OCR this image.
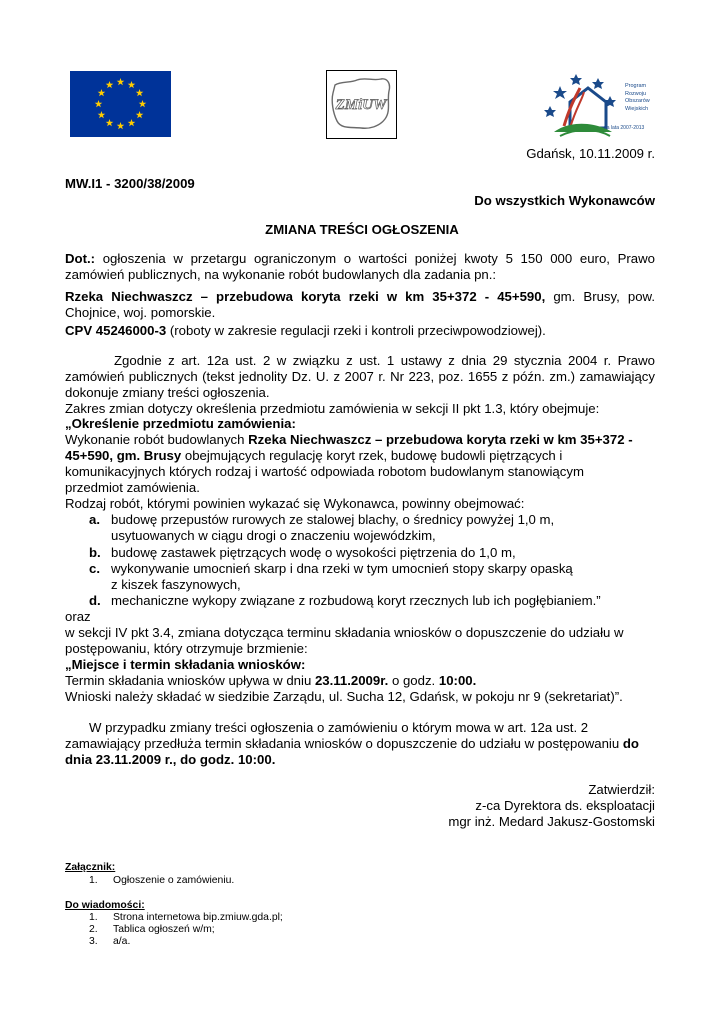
ZMiUW
Program
Rozwoju
Obszarów
Wiejskich
na lata 2007-2013
Gdańsk, 10.11.2009 r.
MW.I1 - 3200/38/2009
Do wszystkich Wykonawców
ZMIANA TREŚCI OGŁOSZENIA
Dot.: ogłoszenia w przetargu ograniczonym o wartości poniżej kwoty 5 150 000 euro, Prawo zamówień publicznych, na wykonanie robót budowlanych dla zadania pn.:
Rzeka Niechwaszcz – przebudowa koryta rzeki w km 35+372 - 45+590, gm. Brusy, pow. Chojnice, woj. pomorskie.
CPV 45246000-3 (roboty w zakresie regulacji rzeki i kontroli przeciwpowodziowej).
Zgodnie z art. 12a ust. 2 w związku z ust. 1 ustawy z dnia 29 stycznia 2004 r. Prawo zamówień publicznych (tekst jednolity Dz. U. z 2007 r. Nr 223, poz. 1655 z późn. zm.) zamawiający dokonuje zmiany treści ogłoszenia.
Zakres zmian dotyczy określenia przedmiotu zamówienia w sekcji II pkt 1.3, który obejmuje:
„Określenie przedmiotu zamówienia:
Wykonanie robót budowlanych Rzeka Niechwaszcz – przebudowa koryta rzeki w km 35+372 -
45+590, gm. Brusy obejmujących regulację koryt rzek, budowę budowli piętrzących i
komunikacyjnych których rodzaj i wartość odpowiada robotom budowlanym stanowiącym
przedmiot zamówienia.
Rodzaj robót, którymi powinien wykazać się Wykonawca, powinny obejmować:
a. budowę przepustów rurowych ze stalowej blachy, o średnicy powyżej 1,0 m,
usytuowanych w ciągu drogi o znaczeniu wojewódzkim,
b. budowę zastawek piętrzących wodę o wysokości piętrzenia do 1,0 m,
c. wykonywanie umocnień skarp i dna rzeki w tym umocnień stopy skarpy opaską
z kiszek faszynowych,
d. mechaniczne wykopy związane z rozbudową koryt rzecznych lub ich pogłębianiem.”
oraz
w sekcji IV pkt 3.4, zmiana dotycząca terminu składania wniosków o dopuszczenie do udziału w
postępowaniu, który otrzymuje brzmienie:
„Miejsce i termin składania wniosków:
Termin składania wniosków upływa w dniu 23.11.2009r. o godz. 10:00.
Wnioski należy składać w siedzibie Zarządu, ul. Sucha 12, Gdańsk, w pokoju nr 9 (sekretariat)”.
W przypadku zmiany treści ogłoszenia o zamówieniu o którym mowa w art. 12a ust. 2
zamawiający przedłuża termin składania wniosków o dopuszczenie do udziału w postępowaniu do
dnia 23.11.2009 r., do godz. 10:00.
Zatwierdził:
z-ca Dyrektora ds. eksploatacji
mgr inż. Medard Jakusz-Gostomski
Załącznik:
1. Ogłoszenie o zamówieniu.
Do wiadomości:
1. Strona internetowa bip.zmiuw.gda.pl;
2. Tablica ogłoszeń w/m;
3. a/a.
